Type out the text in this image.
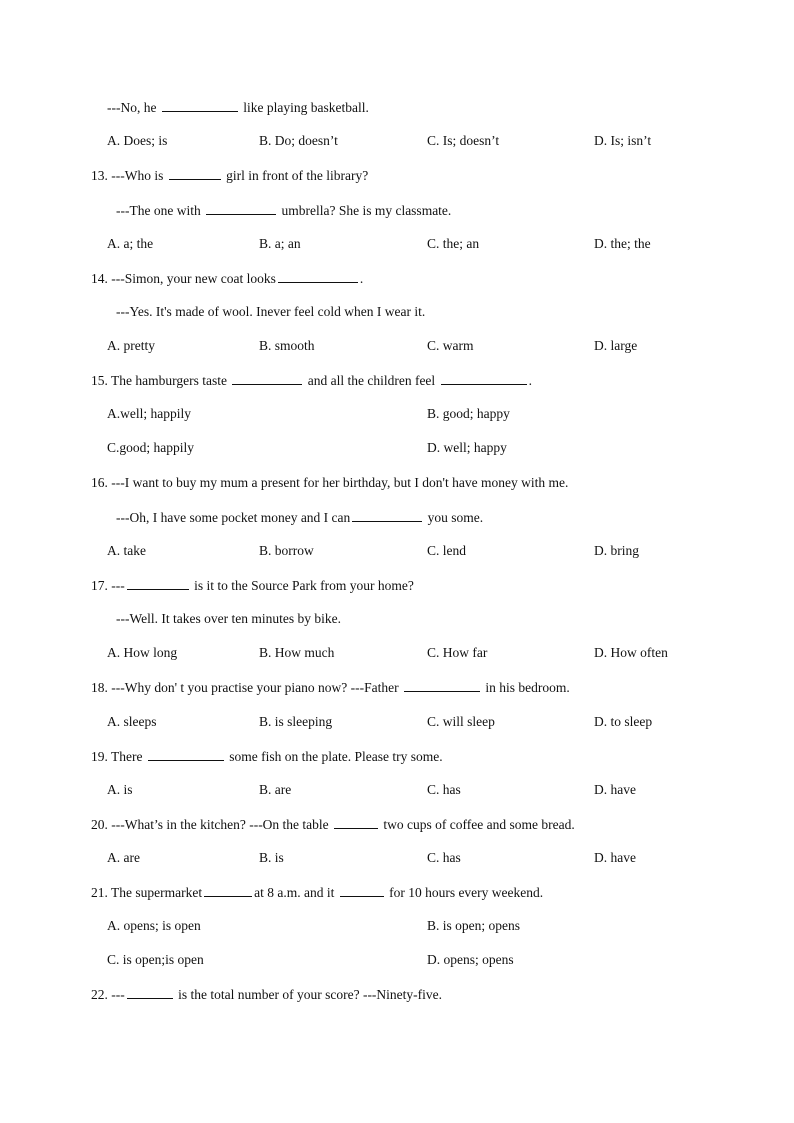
---No, he	like playing basketball.
A. Does; is	B. Do; doesn’t	C. Is; doesn’t	D. Is; isn’t
13. ---Who is	girl in front of the library?
---The one with	umbrella? She is my classmate.
A. a; the	B. a; an	C. the; an	D. the; the
14. ---Simon, your new coat looks	.
---Yes. It's made of wool. Inever feel cold when I wear it.
A. pretty	B. smooth	C. warm	D. large
15. The hamburgers taste	and all the children feel	.
A.well; happily	B. good; happy
C.good; happily	D. well; happy
16. ---I want to buy my mum a present for her birthday, but I don't have money with me.
---Oh, I have some pocket money and I can	you some.
A. take	B. borrow	C. lend	D. bring
17. ---	is it to the Source Park from your home?
---Well. It takes over ten minutes by bike.
A. How long	B. How much	C. How far	D. How often
18. ---Why don' t you practise your piano now? ---Father	in his bedroom.
A. sleeps	B. is sleeping	C. will sleep	D. to sleep
19. There	some fish on the plate. Please try some.
A. is	B. are	C. has	D. have
20. ---What’s in the kitchen? ---On the table	two cups of coffee and some bread.
A. are	B. is	C. has	D. have
21. The supermarket	at 8 a.m. and it	for 10 hours every weekend.
A. opens; is open	B. is open; opens
C. is open;is open	D. opens; opens
22. ---	is the total number of your score? ---Ninety-five.
